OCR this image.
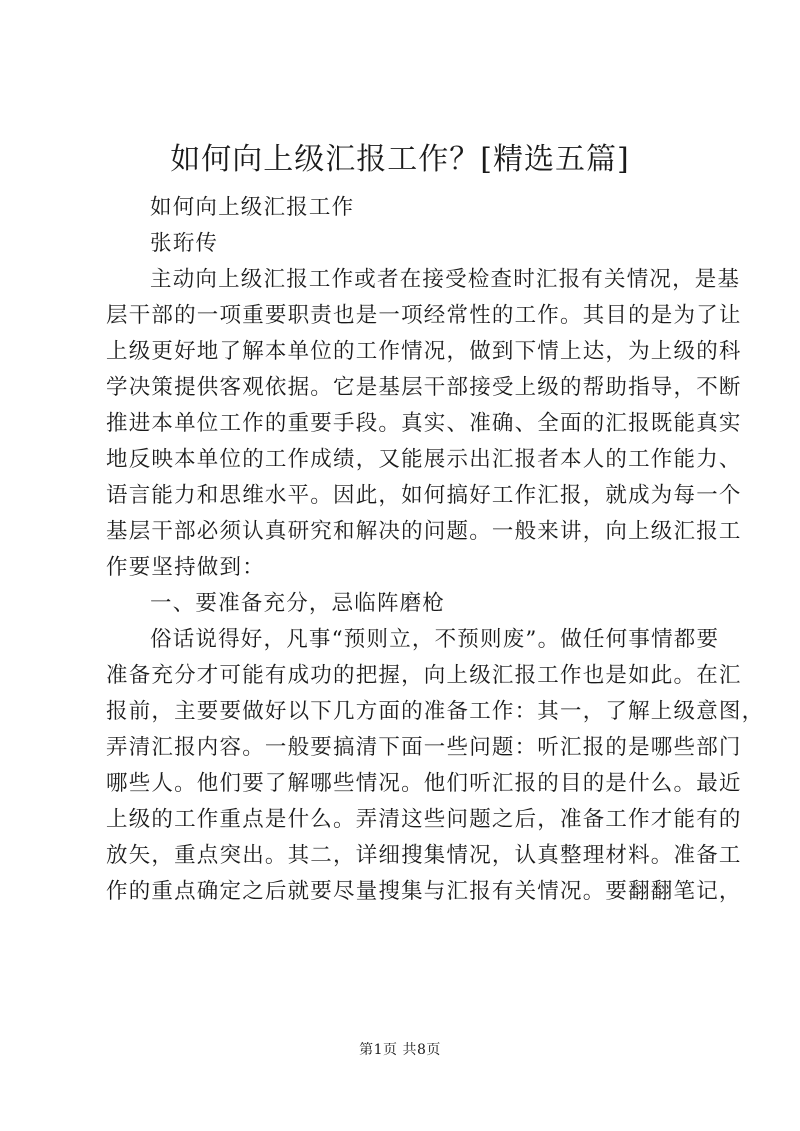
如何向上级汇报工作？[精选五篇]
如何向上级汇报工作
张珩传
主动向上级汇报工作或者在接受检查时汇报有关情况，是基
层干部的一项重要职责也是一项经常性的工作。其目的是为了让
上级更好地了解本单位的工作情况，做到下情上达，为上级的科
学决策提供客观依据。它是基层干部接受上级的帮助指导，不断
推进本单位工作的重要手段。真实、准确、全面的汇报既能真实
地反映本单位的工作成绩，又能展示出汇报者本人的工作能力、
语言能力和思维水平。因此，如何搞好工作汇报，就成为每一个
基层干部必须认真研究和解决的问题。一般来讲，向上级汇报工
作要坚持做到：
一、要准备充分，忌临阵磨枪
俗话说得好，凡事“预则立，不预则废”。做任何事情都要
准备充分才可能有成功的把握，向上级汇报工作也是如此。在汇
报前，主要要做好以下几方面的准备工作：其一，了解上级意图，
弄清汇报内容。一般要搞清下面一些问题：听汇报的是哪些部门
哪些人。他们要了解哪些情况。他们听汇报的目的是什么。最近
上级的工作重点是什么。弄清这些问题之后，准备工作才能有的
放矢，重点突出。其二，详细搜集情况，认真整理材料。准备工
作的重点确定之后就要尽量搜集与汇报有关情况。要翻翻笔记，
第1页 共8页
